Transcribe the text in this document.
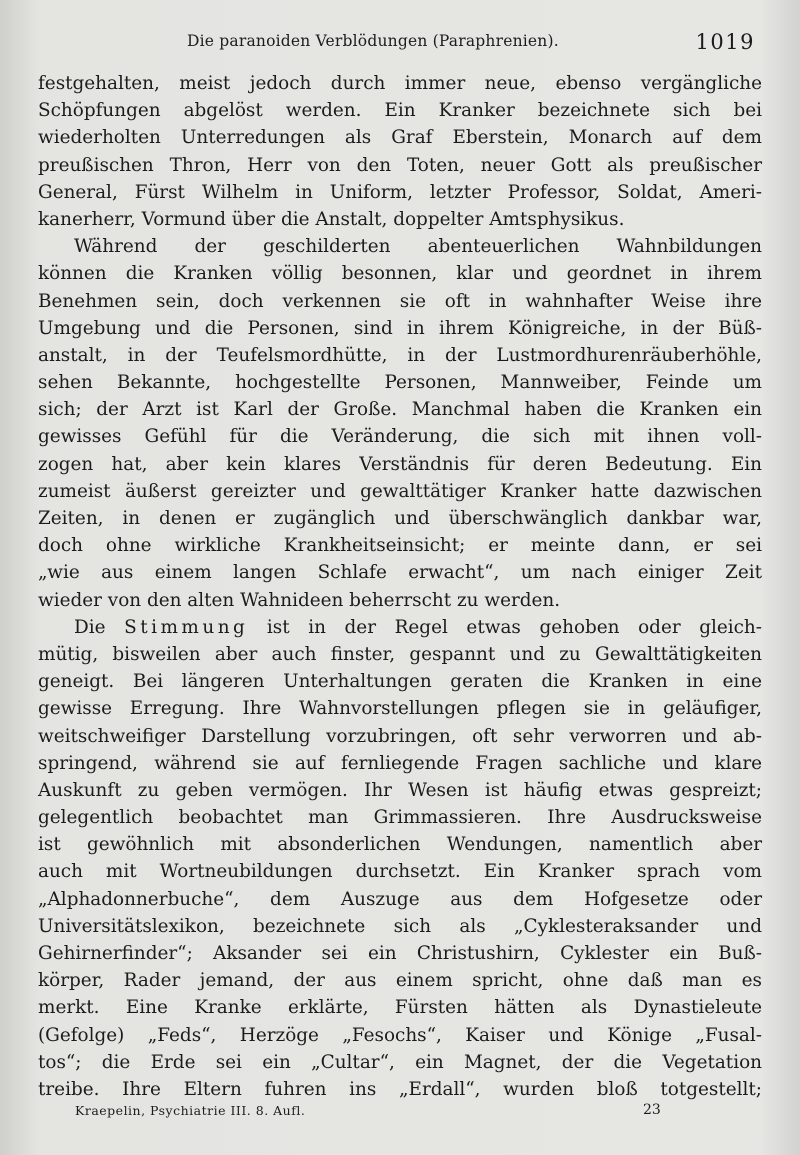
Die paranoiden Verblödungen (Paraphrenien).	1019
festgehalten, meist jedoch durch immer neue, ebenso vergängliche
Schöpfungen abgelöst werden. Ein Kranker bezeichnete sich bei
wiederholten Unterredungen als Graf Eberstein, Monarch auf dem
preußischen Thron, Herr von den Toten, neuer Gott als preußischer
General, Fürst Wilhelm in Uniform, letzter Professor, Soldat, Ameri-
kanerherr, Vormund über die Anstalt, doppelter Amtsphysikus.
Während der geschilderten abenteuerlichen Wahnbildungen
können die Kranken völlig besonnen, klar und geordnet in ihrem
Benehmen sein, doch verkennen sie oft in wahnhafter Weise ihre
Umgebung und die Personen, sind in ihrem Königreiche, in der Büß-
anstalt, in der Teufelsmordhütte, in der Lustmordhurenräuberhöhle,
sehen Bekannte, hochgestellte Personen, Mannweiber, Feinde um
sich; der Arzt ist Karl der Große. Manchmal haben die Kranken ein
gewisses Gefühl für die Veränderung, die sich mit ihnen voll-
zogen hat, aber kein klares Verständnis für deren Bedeutung. Ein
zumeist äußerst gereizter und gewalttätiger Kranker hatte dazwischen
Zeiten, in denen er zugänglich und überschwänglich dankbar war,
doch ohne wirkliche Krankheitseinsicht; er meinte dann, er sei
„wie aus einem langen Schlafe erwacht“, um nach einiger Zeit
wieder von den alten Wahnideen beherrscht zu werden.
Die Stimmung ist in der Regel etwas gehoben oder gleich-
mütig, bisweilen aber auch finster, gespannt und zu Gewalttätigkeiten
geneigt. Bei längeren Unterhaltungen geraten die Kranken in eine
gewisse Erregung. Ihre Wahnvorstellungen pflegen sie in geläufiger,
weitschweifiger Darstellung vorzubringen, oft sehr verworren und ab-
springend, während sie auf fernliegende Fragen sachliche und klare
Auskunft zu geben vermögen. Ihr Wesen ist häufig etwas gespreizt;
gelegentlich beobachtet man Grimmassieren. Ihre Ausdrucksweise
ist gewöhnlich mit absonderlichen Wendungen, namentlich aber
auch mit Wortneubildungen durchsetzt. Ein Kranker sprach vom
„Alphadonnerbuche“, dem Auszuge aus dem Hofgesetze oder
Universitätslexikon, bezeichnete sich als „Cyklesteraksander und
Gehirnerfinder“; Aksander sei ein Christushirn, Cyklester ein Buß-
körper, Rader jemand, der aus einem spricht, ohne daß man es
merkt. Eine Kranke erklärte, Fürsten hätten als Dynastieleute
(Gefolge) „Feds“, Herzöge „Fesochs“, Kaiser und Könige „Fusal-
tos“; die Erde sei ein „Cultar“, ein Magnet, der die Vegetation
treibe. Ihre Eltern fuhren ins „Erdall“, wurden bloß totgestellt;
Kraepelin, Psychiatrie III. 8. Aufl.	23
